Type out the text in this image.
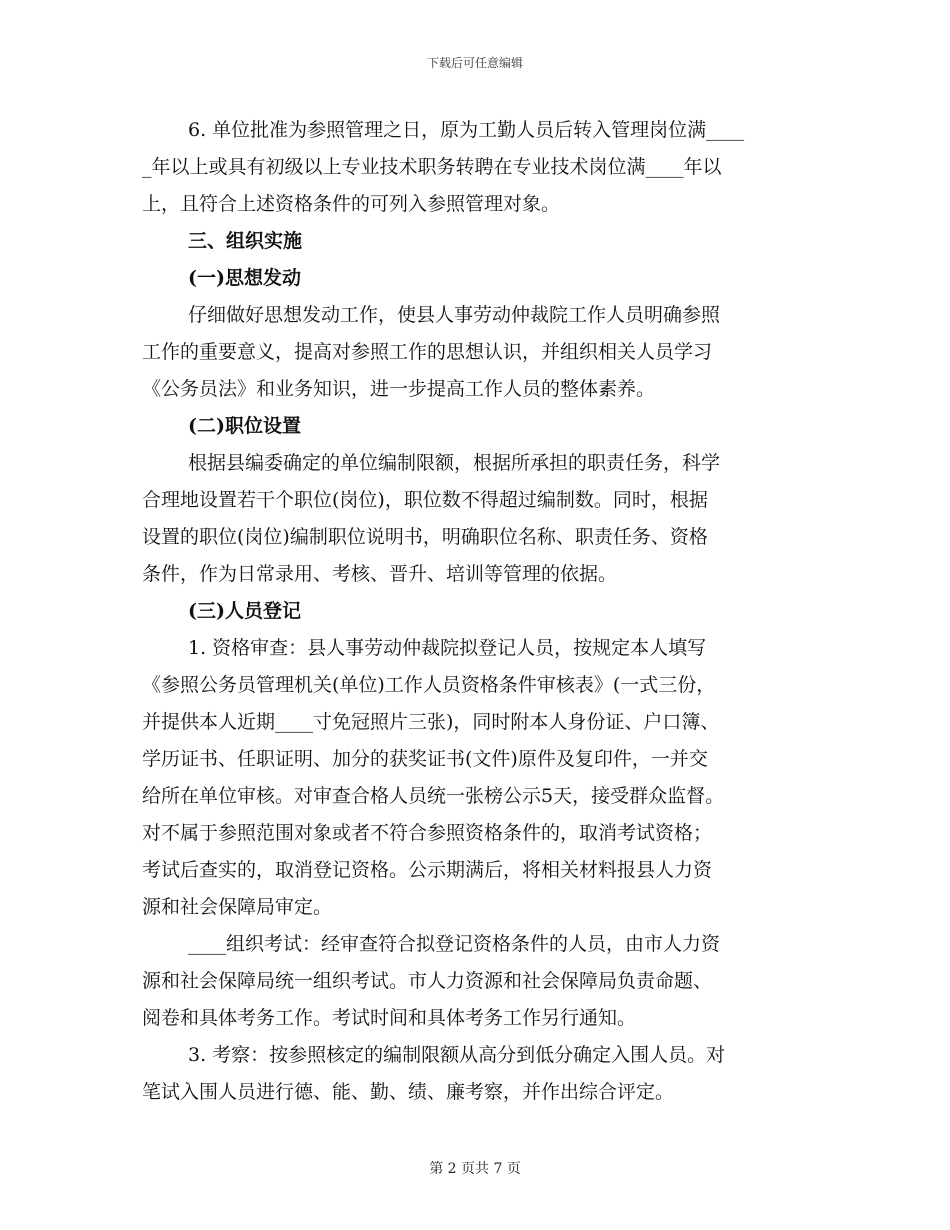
下载后可任意编辑
6. 单位批准为参照管理之日，原为工勤人员后转入管理岗位满____
_年以上或具有初级以上专业技术职务转聘在专业技术岗位满____年以
上，且符合上述资格条件的可列入参照管理对象。
三、组织实施
(一)思想发动
仔细做好思想发动工作，使县人事劳动仲裁院工作人员明确参照
工作的重要意义，提高对参照工作的思想认识，并组织相关人员学习
《公务员法》和业务知识，进一步提高工作人员的整体素养。
(二)职位设置
根据县编委确定的单位编制限额，根据所承担的职责任务，科学
合理地设置若干个职位(岗位)，职位数不得超过编制数。同时，根据
设置的职位(岗位)编制职位说明书，明确职位名称、职责任务、资格
条件，作为日常录用、考核、晋升、培训等管理的依据。
(三)人员登记
1. 资格审查：县人事劳动仲裁院拟登记人员，按规定本人填写
《参照公务员管理机关(单位)工作人员资格条件审核表》(一式三份，
并提供本人近期____寸免冠照片三张)，同时附本人身份证、户口簿、
学历证书、任职证明、加分的获奖证书(文件)原件及复印件，一并交
给所在单位审核。对审查合格人员统一张榜公示5天，接受群众监督。
对不属于参照范围对象或者不符合参照资格条件的，取消考试资格；
考试后查实的，取消登记资格。公示期满后，将相关材料报县人力资
源和社会保障局审定。
____组织考试：经审查符合拟登记资格条件的人员，由市人力资
源和社会保障局统一组织考试。市人力资源和社会保障局负责命题、
阅卷和具体考务工作。考试时间和具体考务工作另行通知。
3. 考察：按参照核定的编制限额从高分到低分确定入围人员。对
笔试入围人员进行德、能、勤、绩、廉考察，并作出综合评定。
第 2 页共 7 页
